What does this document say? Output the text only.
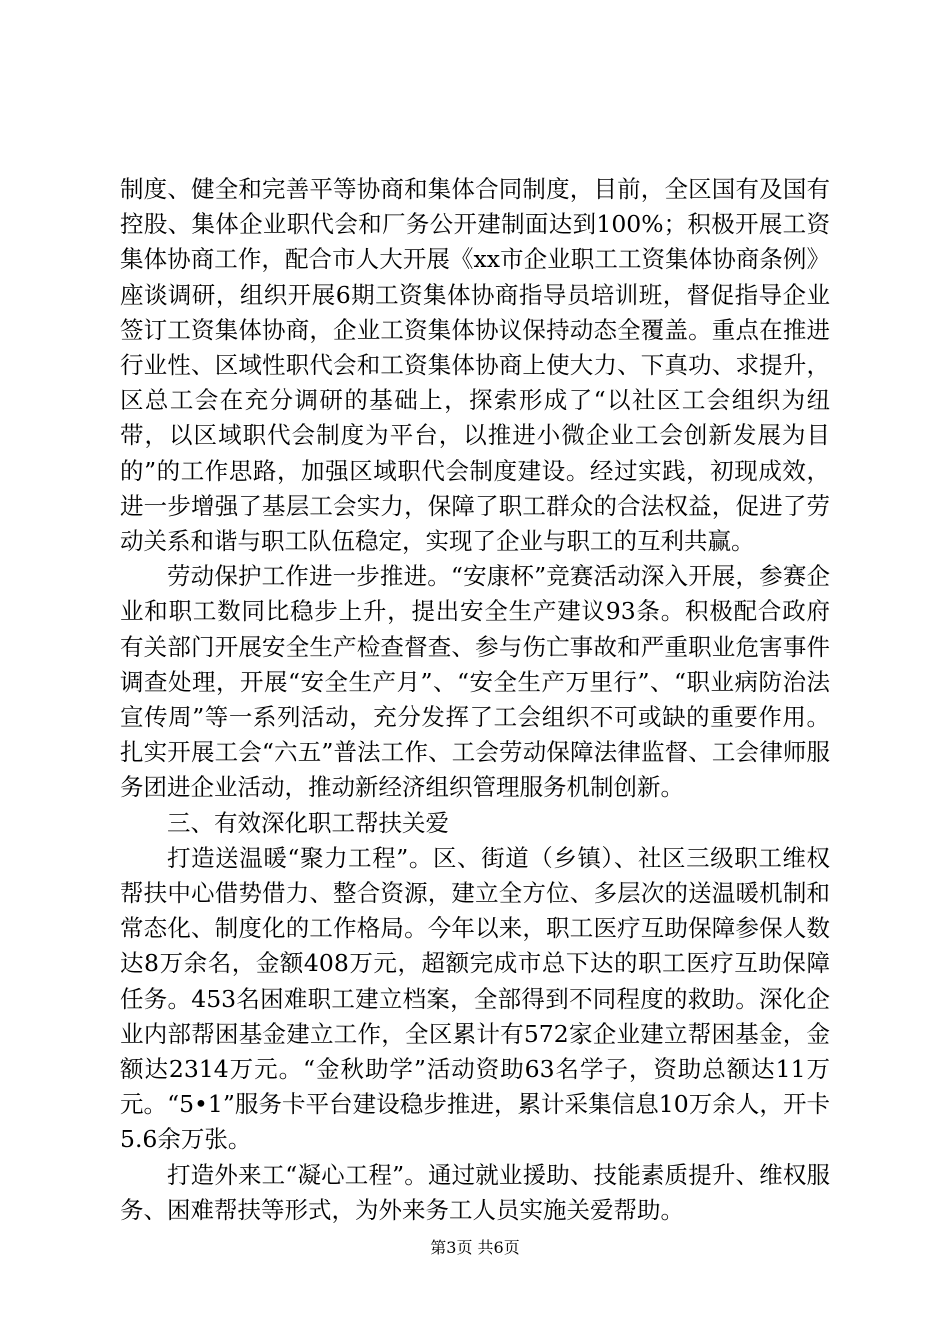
制度、健全和完善平等协商和集体合同制度，目前，全区国有及国有控股、集体企业职代会和厂务公开建制面达到100%；积极开展工资集体协商工作，配合市人大开展《xx市企业职工工资集体协商条例》座谈调研，组织开展6期工资集体协商指导员培训班，督促指导企业签订工资集体协商，企业工资集体协议保持动态全覆盖。重点在推进行业性、区域性职代会和工资集体协商上使大力、下真功、求提升，区总工会在充分调研的基础上，探索形成了“以社区工会组织为纽带，以区域职代会制度为平台，以推进小微企业工会创新发展为目的”的工作思路，加强区域职代会制度建设。经过实践，初现成效，进一步增强了基层工会实力，保障了职工群众的合法权益，促进了劳动关系和谐与职工队伍稳定，实现了企业与职工的互利共赢。

劳动保护工作进一步推进。“安康杯”竞赛活动深入开展，参赛企业和职工数同比稳步上升，提出安全生产建议93条。积极配合政府有关部门开展安全生产检查督查、参与伤亡事故和严重职业危害事件调查处理，开展“安全生产月”、“安全生产万里行”、“职业病防治法宣传周”等一系列活动，充分发挥了工会组织不可或缺的重要作用。扎实开展工会“六五”普法工作、工会劳动保障法律监督、工会律师服务团进企业活动，推动新经济组织管理服务机制创新。

三、有效深化职工帮扶关爱

打造送温暖“聚力工程”。区、街道（乡镇）、社区三级职工维权帮扶中心借势借力、整合资源，建立全方位、多层次的送温暖机制和常态化、制度化的工作格局。今年以来，职工医疗互助保障参保人数达8万余名，金额408万元，超额完成市总下达的职工医疗互助保障任务。453名困难职工建立档案，全部得到不同程度的救助。深化企业内部帮困基金建立工作，全区累计有572家企业建立帮困基金，金额达2314万元。“金秋助学”活动资助63名学子，资助总额达11万元。“5•1”服务卡平台建设稳步推进，累计采集信息10万余人，开卡5.6余万张。

打造外来工“凝心工程”。通过就业援助、技能素质提升、维权服务、困难帮扶等形式，为外来务工人员实施关爱帮助。

第3页 共6页
